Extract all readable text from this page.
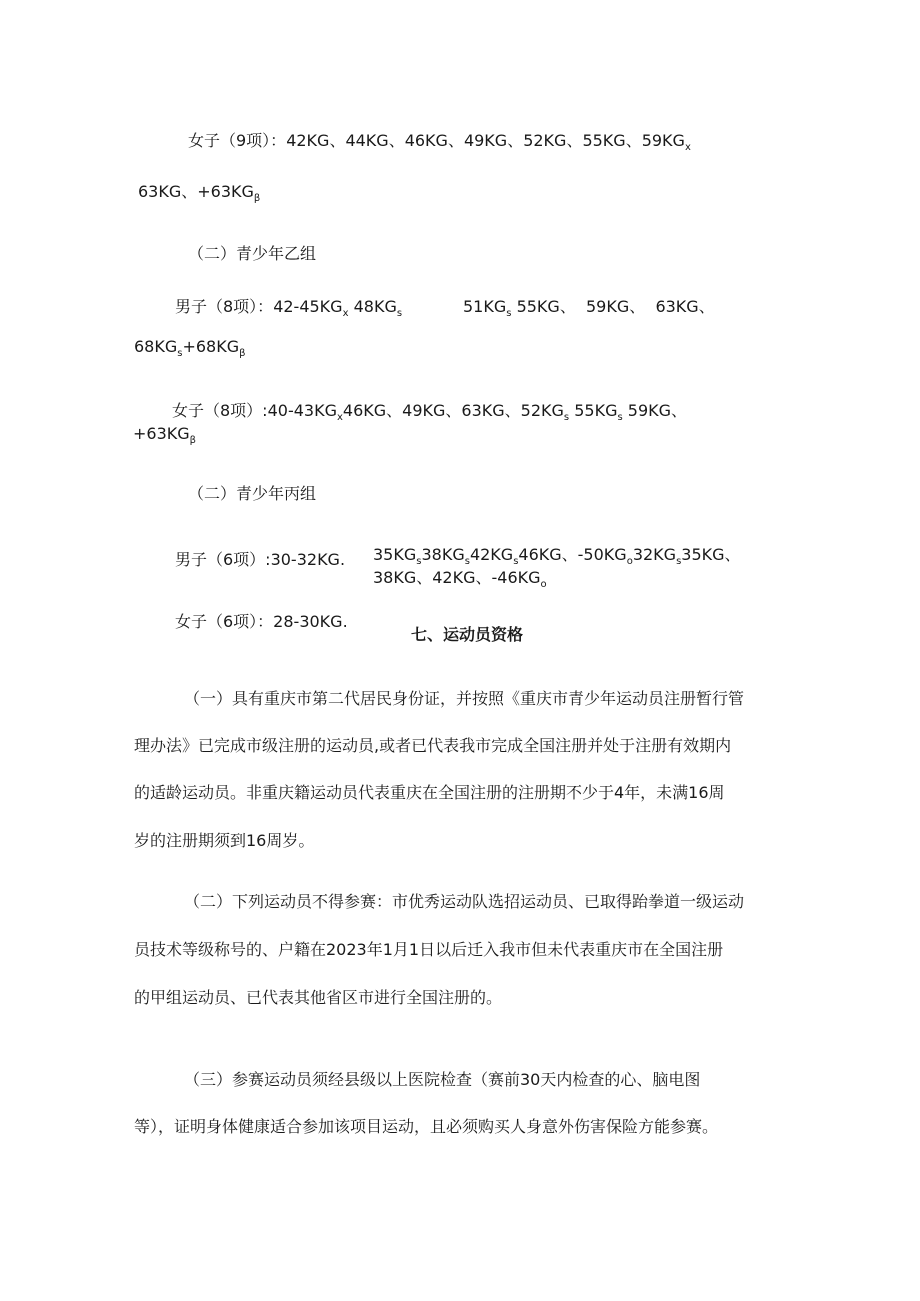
女子（9项）：42KG、44KG、46KG、49KG、52KG、55KG、$59KG_x$
63KG、$+63KG_\beta$
（二）青少年乙组
男子（8项）：$42-45KG_x$ $48KG_s$	$51KG_s$ 55KG、 59KG、 63KG、
$68KG_s+68KG_\beta$
女子（8项）$:40-43KG_x46KG$、49KG、63KG、$52KG_s$ $55KG_s$ 59KG、
$+63KG_\beta$
（二）青少年丙组
男子（6项）:30-32KG. $35KG_s38KG_s42KG_s46KG$、$-50KG_o32KG_s35KG$、
38KG、42KG、$-46KG_o$
女子（6项）：28-30KG.
七、运动员资格
（一）具有重庆市第二代居民身份证，并按照《重庆市青少年运动员注册暂行管
理办法》已完成市级注册的运动员,或者已代表我市完成全国注册并处于注册有效期内
的适龄运动员。非重庆籍运动员代表重庆在全国注册的注册期不少于4年，未满16周
岁的注册期须到16周岁。
（二）下列运动员不得参赛：市优秀运动队选招运动员、已取得跆拳道一级运动
员技术等级称号的、户籍在2023年1月1日以后迁入我市但未代表重庆市在全国注册
的甲组运动员、已代表其他省区市进行全国注册的。
（三）参赛运动员须经县级以上医院检查（赛前30天内检查的心、脑电图
等），证明身体健康适合参加该项目运动，且必须购买人身意外伤害保险方能参赛。
